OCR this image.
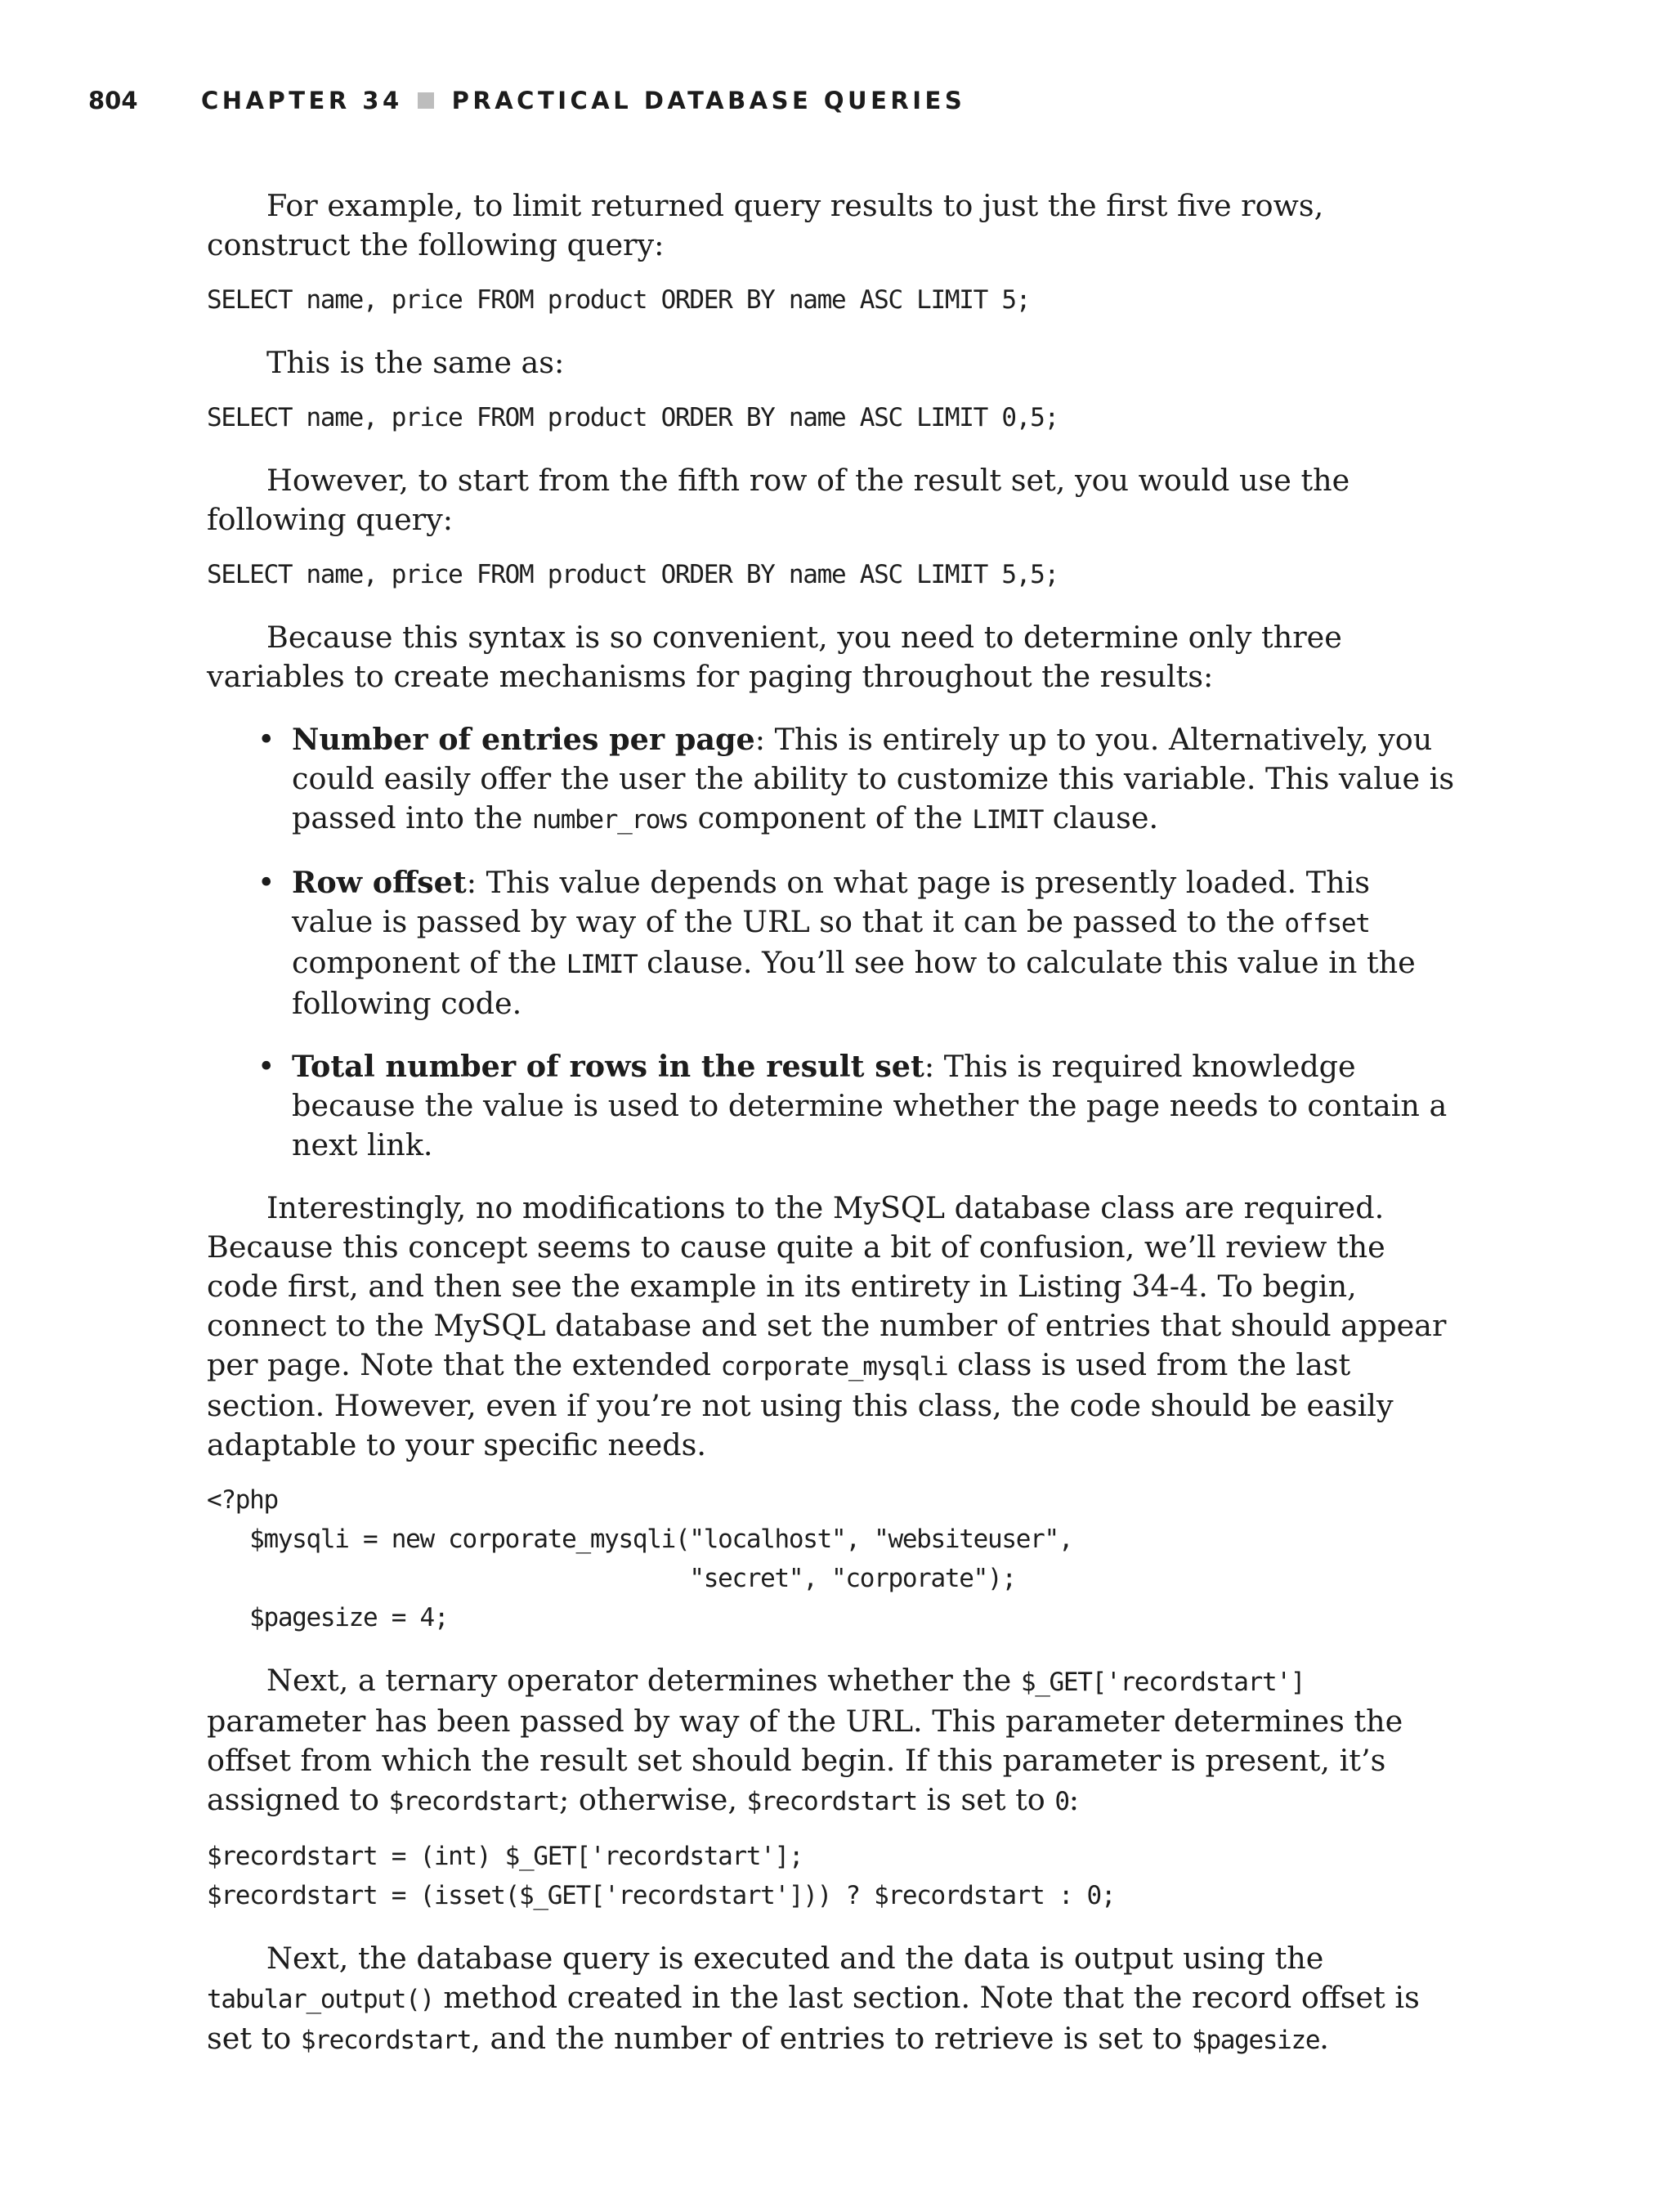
804	CHAPTER 34 PRACTICAL DATABASE QUERIES

For example, to limit returned query results to just the first five rows, construct the following query:

SELECT name, price FROM product ORDER BY name ASC LIMIT 5;

This is the same as:

SELECT name, price FROM product ORDER BY name ASC LIMIT 0,5;

However, to start from the fifth row of the result set, you would use the following query:

SELECT name, price FROM product ORDER BY name ASC LIMIT 5,5;

Because this syntax is so convenient, you need to determine only three variables to create mechanisms for paging throughout the results:

• Number of entries per page: This is entirely up to you. Alternatively, you could easily offer the user the ability to customize this variable. This value is passed into the number_rows component of the LIMIT clause.
• Row offset: This value depends on what page is presently loaded. This value is passed by way of the URL so that it can be passed to the offset component of the LIMIT clause. You’ll see how to calculate this value in the following code.
• Total number of rows in the result set: This is required knowledge because the value is used to determine whether the page needs to contain a next link.

Interestingly, no modifications to the MySQL database class are required. Because this concept seems to cause quite a bit of confusion, we’ll review the code first, and then see the example in its entirety in Listing 34-4. To begin, connect to the MySQL database and set the number of entries that should appear per page. Note that the extended corporate_mysqli class is used from the last section. However, even if you’re not using this class, the code should be easily adaptable to your specific needs.

<?php
$mysqli = new corporate_mysqli("localhost", "websiteuser",
"secret", "corporate");
$pagesize = 4;

Next, a ternary operator determines whether the $_GET['recordstart'] parameter has been passed by way of the URL. This parameter determines the offset from which the result set should begin. If this parameter is present, it’s assigned to $recordstart; otherwise, $recordstart is set to 0:

$recordstart = (int) $_GET['recordstart'];
$recordstart = (isset($_GET['recordstart'])) ? $recordstart : 0;

Next, the database query is executed and the data is output using the tabular_output() method created in the last section. Note that the record offset is set to $recordstart, and the number of entries to retrieve is set to $pagesize.
